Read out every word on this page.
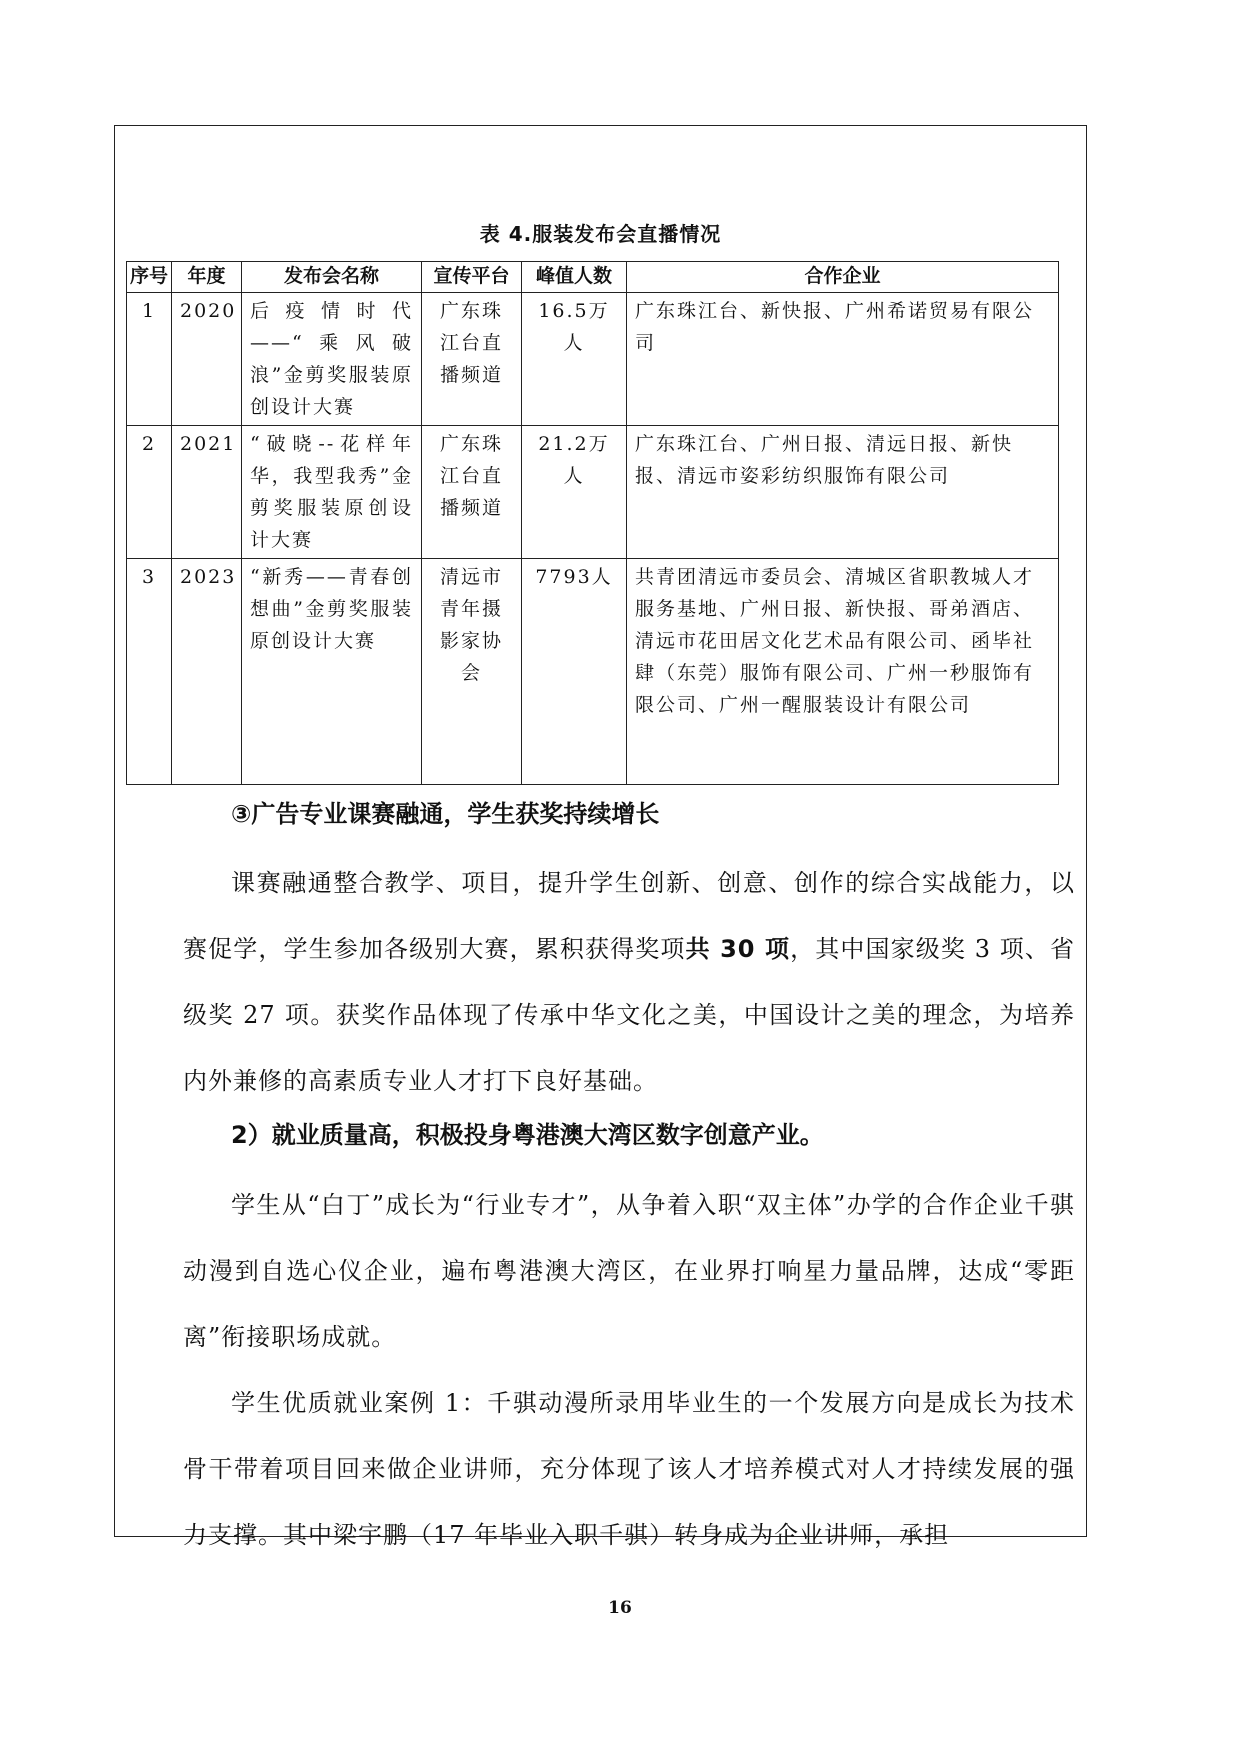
表 4.服装发布会直播情况
序号	年度	发布会名称	宣传平台	峰值人数	合作企业
1	2020	后疫情时代——“乘风破浪”金剪奖服装原创设计大赛	广东珠江台直播频道	16.5万人	广东珠江台、新快报、广州希诺贸易有限公司
2	2021	“破晓--花样年华，我型我秀”金剪奖服装原创设计大赛	广东珠江台直播频道	21.2万人	广东珠江台、广州日报、清远日报、新快报、清远市姿彩纺织服饰有限公司
3	2023	“新秀——青春创想曲”金剪奖服装原创设计大赛	清远市青年摄影家协会	7793人	共青团清远市委员会、清城区省职教城人才服务基地、广州日报、新快报、哥弟酒店、清远市花田居文化艺术品有限公司、函毕社肆（东莞）服饰有限公司、广州一秒服饰有限公司、广州一醒服装设计有限公司
③广告专业课赛融通，学生获奖持续增长
课赛融通整合教学、项目，提升学生创新、创意、创作的综合实战能力，以赛促学，学生参加各级别大赛，累积获得奖项共 30 项，其中国家级奖 3 项、省级奖 27 项。获奖作品体现了传承中华文化之美，中国设计之美的理念，为培养内外兼修的高素质专业人才打下良好基础。
2）就业质量高，积极投身粤港澳大湾区数字创意产业。
学生从“白丁”成长为“行业专才”，从争着入职“双主体”办学的合作企业千骐动漫到自选心仪企业，遍布粤港澳大湾区，在业界打响星力量品牌，达成“零距离”衔接职场成就。
学生优质就业案例 1：千骐动漫所录用毕业生的一个发展方向是成长为技术骨干带着项目回来做企业讲师，充分体现了该人才培养模式对人才持续发展的强力支撑。其中梁宇鹏（17 年毕业入职千骐）转身成为企业讲师，承担
16
